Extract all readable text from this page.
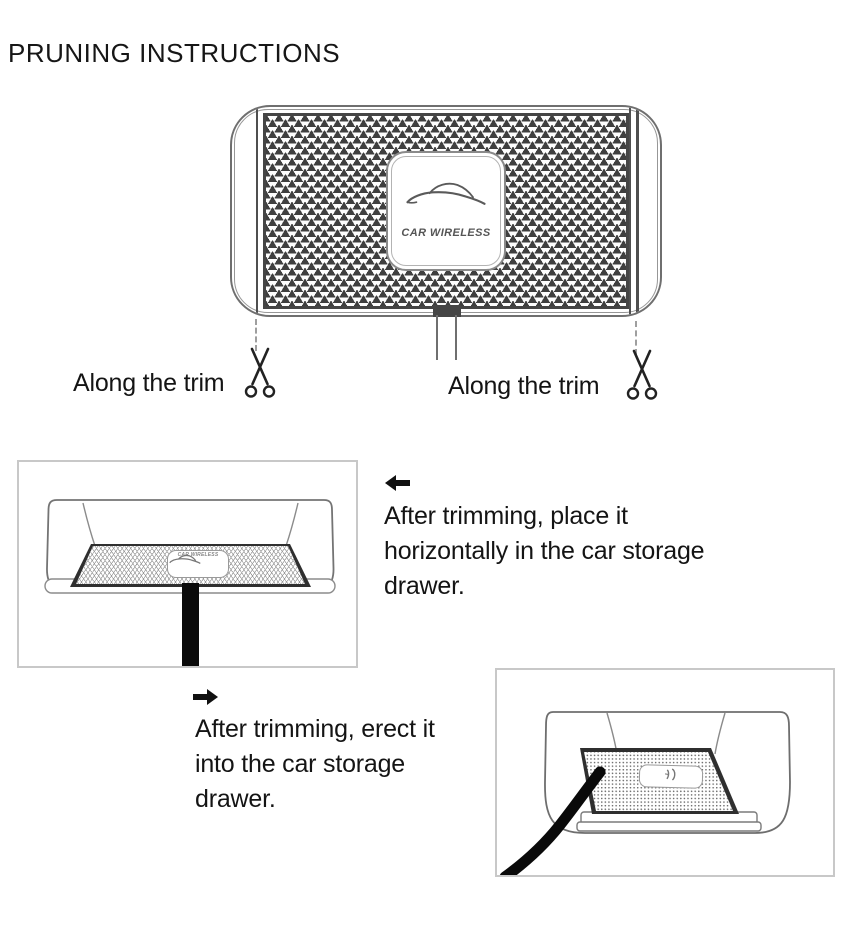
PRUNING INSTRUCTIONS
CAR WIRELESS
Along the trim	Along the trim
CAR WIRELESS
After trimming, place it
horizontally in the car storage
drawer.
After trimming, erect it
into the car storage
drawer.
